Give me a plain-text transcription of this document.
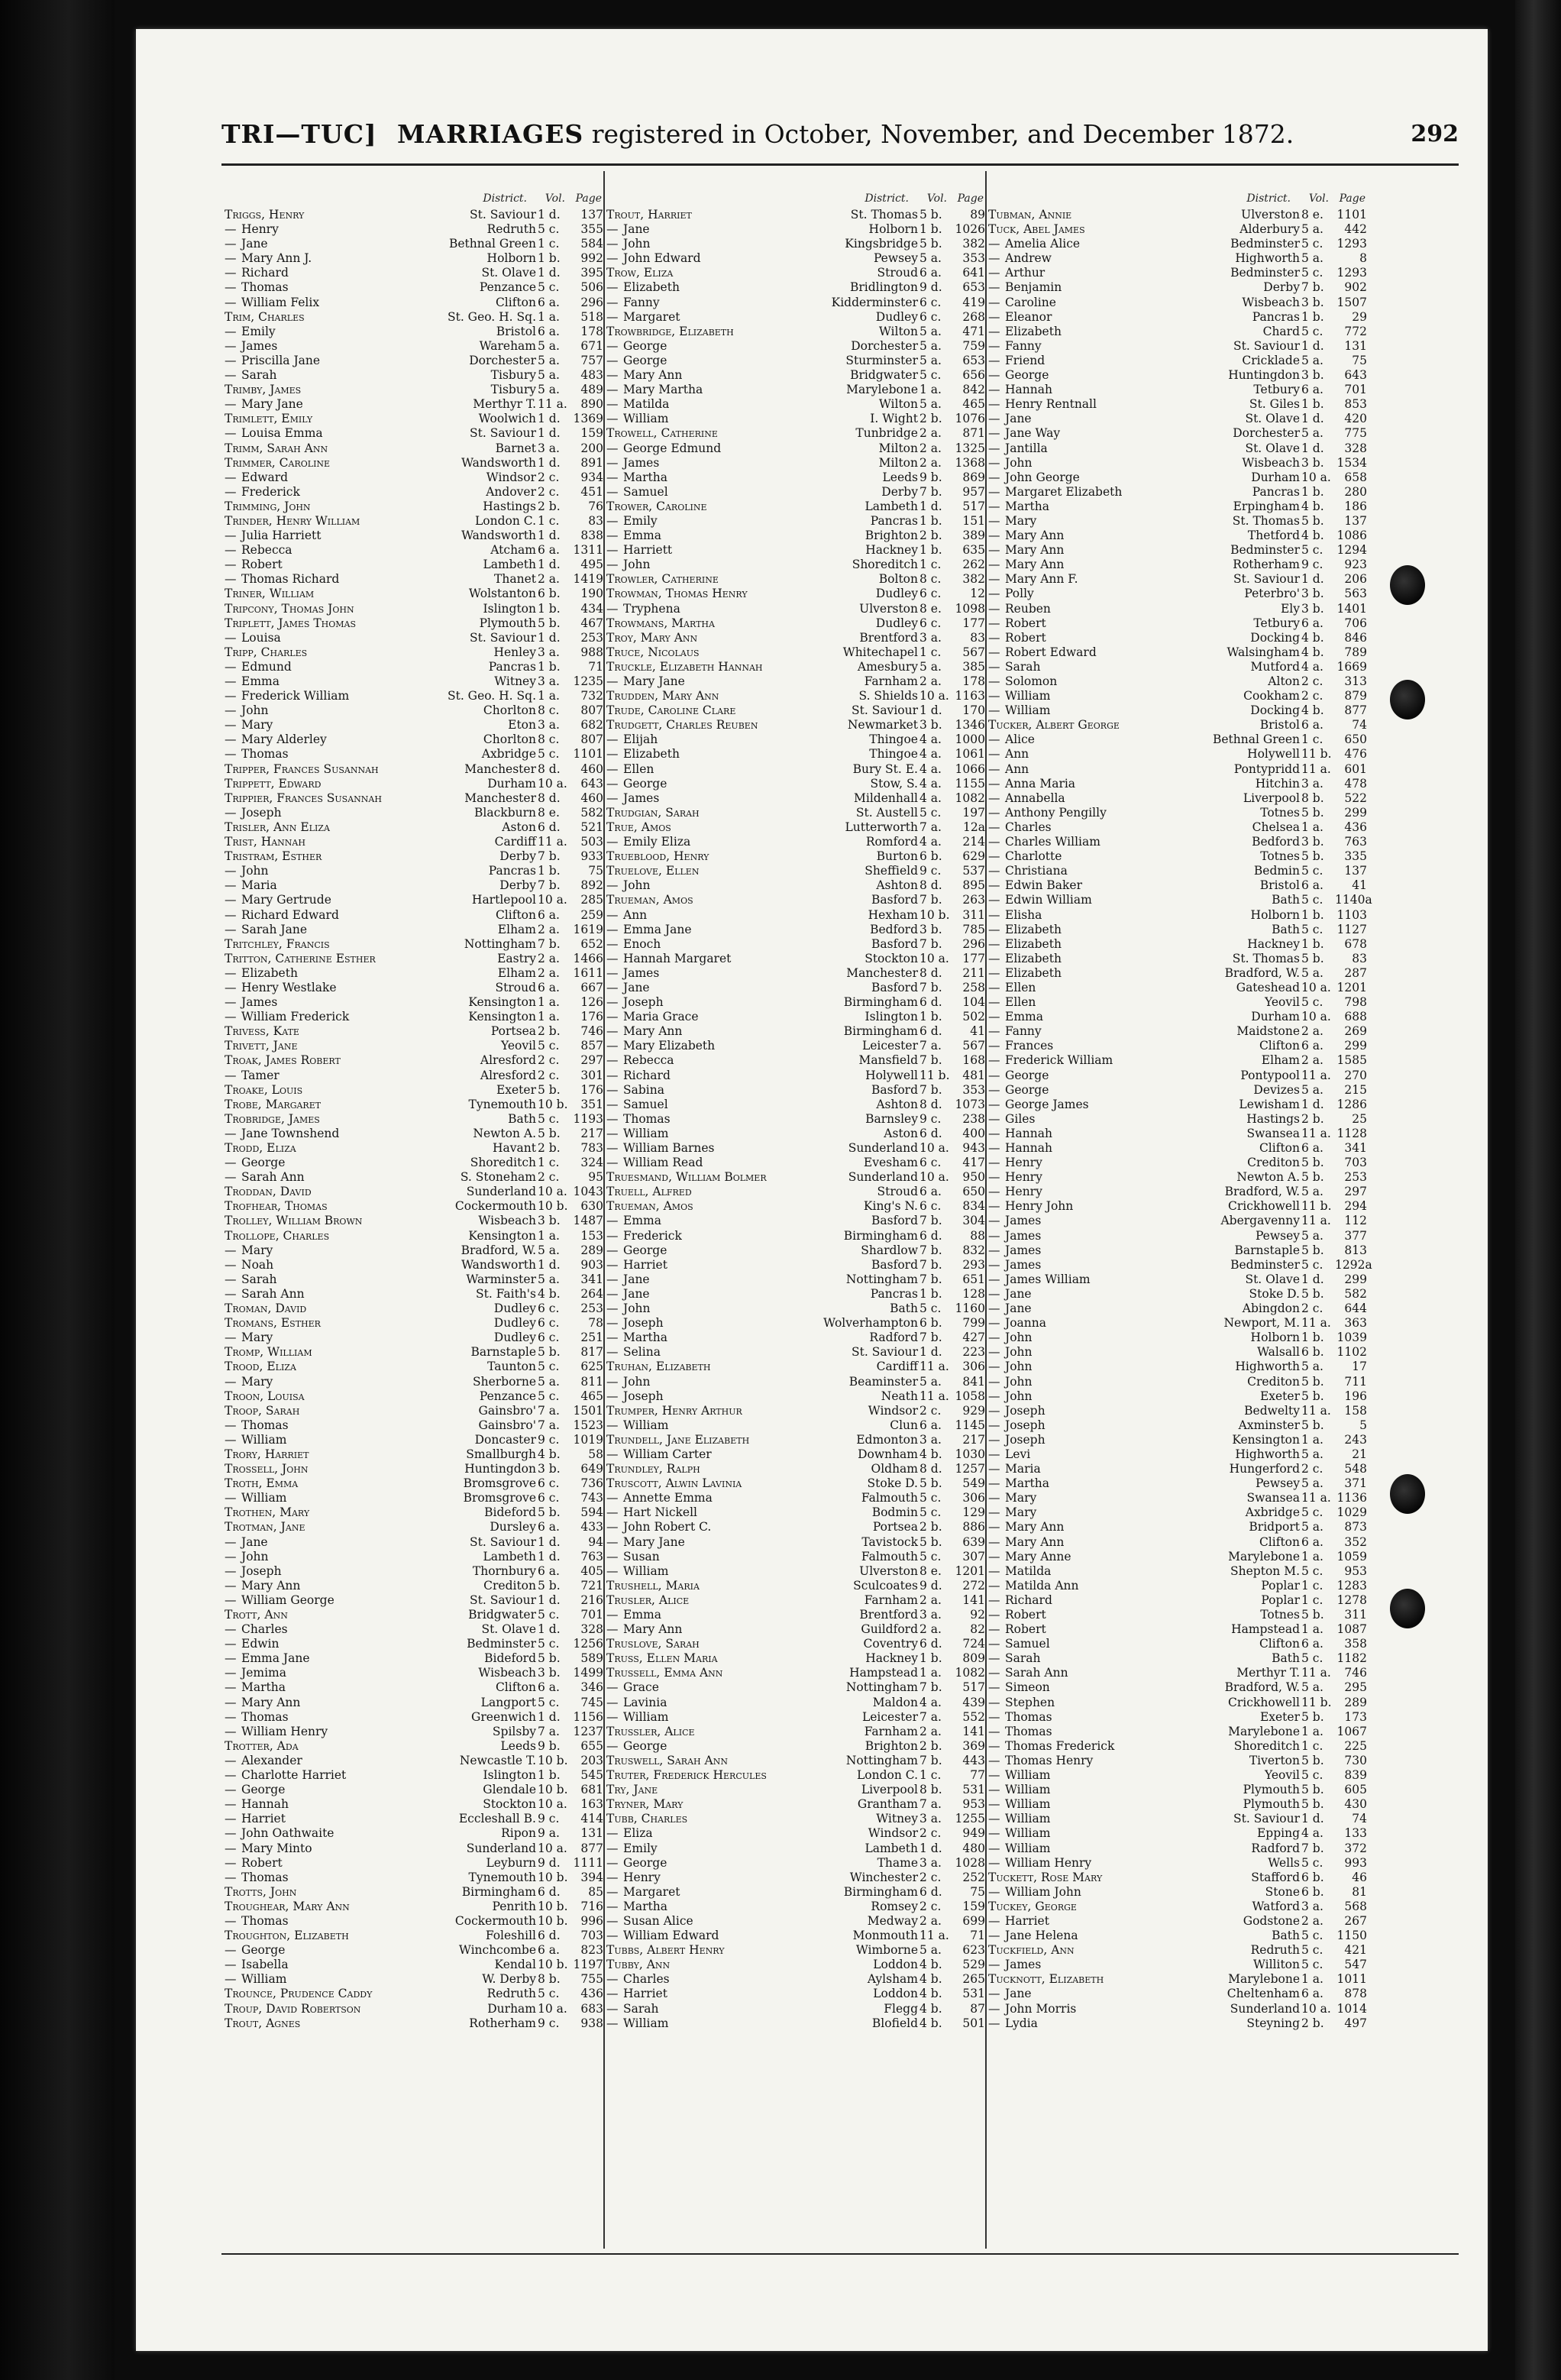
TRI—TUC] MARRIAGES registered in October, November, and December 1872.	292
District. Vol. Page
Triggs, Henry	St. Saviour 1 d.	137
— Henry	Redruth 5 c.	355
— Jane	Bethnal Green 1 c.	584
— Mary Ann J.	Holborn 1 b.	992
— Richard	St. Olave 1 d.	395
— Thomas	Penzance 5 c.	506
— William Felix	Clifton 6 a.	296
Trim, Charles	St. Geo. H. Sq. 1 a.	518
— Emily	Bristol 6 a.	178
— James	Wareham 5 a.	671
— Priscilla Jane	Dorchester 5 a.	757
— Sarah	Tisbury 5 a.	483
Trimby, James	Tisbury 5 a.	489
— Mary Jane	Merthyr T. 11 a.	890
Trimlett, Emily	Woolwich 1 d.	1369
— Louisa Emma	St. Saviour 1 d.	159
Trimm, Sarah Ann	Barnet 3 a.	200
Trimmer, Caroline	Wandsworth 1 d.	891
— Edward	Windsor 2 c.	934
— Frederick	Andover 2 c.	451
Trimming, John	Hastings 2 b.	76
Trinder, Henry William	London C. 1 c.	83
— Julia Harriett	Wandsworth 1 d.	838
— Rebecca	Atcham 6 a.	1311
— Robert	Lambeth 1 d.	495
— Thomas Richard	Thanet 2 a.	1419
Triner, William	Wolstanton 6 b.	190
Tripcony, Thomas John	Islington 1 b.	434
Triplett, James Thomas	Plymouth 5 b.	467
— Louisa	St. Saviour 1 d.	253
Tripp, Charles	Henley 3 a.	988
— Edmund	Pancras 1 b.	71
— Emma	Witney 3 a.	1235
— Frederick William	St. Geo. H. Sq. 1 a.	732
— John	Chorlton 8 c.	807
— Mary	Eton 3 a.	682
— Mary Alderley	Chorlton 8 c.	807
— Thomas	Axbridge 5 c.	1101
Tripper, Frances Susannah	Manchester 8 d.	460
Trippett, Edward	Durham 10 a.	643
Trippier, Frances Susannah	Manchester 8 d.	460
— Joseph	Blackburn 8 e.	582
Trisler, Ann Eliza	Aston 6 d.	521
Trist, Hannah	Cardiff 11 a.	503
Tristram, Esther	Derby 7 b.	933
— John	Pancras 1 b.	75
— Maria	Derby 7 b.	892
— Mary Gertrude	Hartlepool 10 a.	285
— Richard Edward	Clifton 6 a.	259
— Sarah Jane	Elham 2 a.	1619
Tritchley, Francis	Nottingham 7 b.	652
Tritton, Catherine Esther	Eastry 2 a.	1466
— Elizabeth	Elham 2 a.	1611
— Henry Westlake	Stroud 6 a.	667
— James	Kensington 1 a.	126
— William Frederick	Kensington 1 a.	176
Trivess, Kate	Portsea 2 b.	746
Trivett, Jane	Yeovil 5 c.	857
Troak, James Robert	Alresford 2 c.	297
— Tamer	Alresford 2 c.	301
Troake, Louis	Exeter 5 b.	176
Trobe, Margaret	Tynemouth 10 b.	351
Trobridge, James	Bath 5 c.	1193
— Jane Townshend	Newton A. 5 b.	217
Trodd, Eliza	Havant 2 b.	783
— George	Shoreditch 1 c.	324
— Sarah Ann	S. Stoneham 2 c.	95
Troddan, David	Sunderland 10 a. 1043
Trofhear, Thomas	Cockermouth 10 b.	630
Trolley, William Brown	Wisbeach 3 b.	1487
Trollope, Charles	Kensington 1 a.	153
— Mary	Bradford, W. 5 a.	289
— Noah	Wandsworth 1 d.	903
— Sarah	Warminster 5 a.	341
— Sarah Ann	St. Faith's 4 b.	264
Troman, David	Dudley 6 c.	253
Tromans, Esther	Dudley 6 c.	78
— Mary	Dudley 6 c.	251
Tromp, William	Barnstaple 5 b.	817
Trood, Eliza	Taunton 5 c.	625
— Mary	Sherborne 5 a.	811
Troon, Louisa	Penzance 5 c.	465
Troop, Sarah	Gainsbro' 7 a.	1501
— Thomas	Gainsbro' 7 a.	1523
— William	Doncaster 9 c.	1019
Trory, Harriet	Smallburgh 4 b.	58
Trossell, John	Huntingdon 3 b.	649
Troth, Emma	Bromsgrove 6 c.	736
— William	Bromsgrove 6 c.	743
Trothen, Mary	Bideford 5 b.	594
Trotman, Jane	Dursley 6 a.	433
— Jane	St. Saviour 1 d.	94
— John	Lambeth 1 d.	763
— Joseph	Thornbury 6 a.	405
— Mary Ann	Crediton 5 b.	721
— William George	St. Saviour 1 d.	216
Trott, Ann	Bridgwater 5 c.	701
— Charles	St. Olave 1 d.	328
— Edwin	Bedminster 5 c.	1256
— Emma Jane	Bideford 5 b.	589
— Jemima	Wisbeach 3 b.	1499
— Martha	Clifton 6 a.	346
— Mary Ann	Langport 5 c.	745
— Thomas	Greenwich 1 d.	1156
— William Henry	Spilsby 7 a.	1237
Trotter, Ada	Leeds 9 b.	655
— Alexander	Newcastle T. 10 b.	203
— Charlotte Harriet	Islington 1 b.	545
— George	Glendale 10 b.	681
— Hannah	Stockton 10 a.	163
— Harriet	Eccleshall B. 9 c.	414
— John Oathwaite	Ripon 9 a.	131
— Mary Minto	Sunderland 10 a.	877
— Robert	Leyburn 9 d.	1111
— Thomas	Tynemouth 10 b.	394
Trotts, John	Birmingham 6 d.	85
Troughear, Mary Ann	Penrith 10 b.	716
— Thomas	Cockermouth 10 b.	996
Troughton, Elizabeth	Foleshill 6 d.	703
— George	Winchcombe 6 a.	823
— Isabella	Kendal 10 b. 1197
— William	W. Derby 8 b.	755
Trounce, Prudence Caddy	Redruth 5 c.	436
Troup, David Robertson	Durham 10 a.	683
Trout, Agnes	Rotherham 9 c.	938
District. Vol. Page
Trout, Harriet	St. Thomas 5 b.	89
— Jane	Holborn 1 b.	1026
— John	Kingsbridge 5 b.	382
— John Edward	Pewsey 5 a.	353
Trow, Eliza	Stroud 6 a.	641
— Elizabeth	Bridlington 9 d.	653
— Fanny	Kidderminster 6 c.	419
— Margaret	Dudley 6 c.	268
Trowbridge, Elizabeth	Wilton 5 a.	471
— George	Dorchester 5 a.	759
— George	Sturminster 5 a.	653
— Mary Ann	Bridgwater 5 c.	656
— Mary Martha	Marylebone 1 a.	842
— Matilda	Wilton 5 a.	465
— William	I. Wight 2 b.	1076
Trowell, Catherine	Tunbridge 2 a.	871
— George Edmund	Milton 2 a.	1325
— James	Milton 2 a.	1368
— Martha	Leeds 9 b.	869
— Samuel	Derby 7 b.	957
Trower, Caroline	Lambeth 1 d.	517
— Emily	Pancras 1 b.	151
— Emma	Brighton 2 b.	389
— Harriett	Hackney 1 b.	635
— John	Shoreditch 1 c.	262
Trowler, Catherine	Bolton 8 c.	382
Trowman, Thomas Henry	Dudley 6 c.	12
— Tryphena	Ulverston 8 e.	1098
Trowmans, Martha	Dudley 6 c.	177
Troy, Mary Ann	Brentford 3 a.	83
Truce, Nicolaus	Whitechapel 1 c.	567
Truckle, Elizabeth Hannah	Amesbury 5 a.	385
— Mary Jane	Farnham 2 a.	178
Trudden, Mary Ann	S. Shields 10 a. 1163
Trude, Caroline Clare	St. Saviour 1 d.	170
Trudgett, Charles Reuben	Newmarket 3 b.	1346
— Elijah	Thingoe 4 a.	1000
— Elizabeth	Thingoe 4 a.	1061
— Ellen	Bury St. E. 4 a.	1066
— George	Stow, S. 4 a.	1155
— James	Mildenhall 4 a.	1082
Trudgian, Sarah	St. Austell 5 c.	197
True, Amos	Lutterworth 7 a.	12a
— Emily Eliza	Romford 4 a.	214
Trueblood, Henry	Burton 6 b.	629
Truelove, Ellen	Sheffield 9 c.	537
— John	Ashton 8 d.	895
Trueman, Amos	Basford 7 b.	263
— Ann	Hexham 10 b.	311
— Emma Jane	Bedford 3 b.	785
— Enoch	Basford 7 b.	296
— Hannah Margaret	Stockton 10 a.	177
— James	Manchester 8 d.	211
— Jane	Basford 7 b.	258
— Joseph	Birmingham 6 d.	104
— Maria Grace	Islington 1 b.	502
— Mary Ann	Birmingham 6 d.	41
— Mary Elizabeth	Leicester 7 a.	567
— Rebecca	Mansfield 7 b.	168
— Richard	Holywell 11 b.	481
— Sabina	Basford 7 b.	353
— Samuel	Ashton 8 d.	1073
— Thomas	Barnsley 9 c.	238
— William	Aston 6 d.	400
— William Barnes	Sunderland 10 a.	943
— William Read	Evesham 6 c.	417
Truesmand, William Bolmer	Sunderland 10 a.	950
Truell, Alfred	Stroud 6 a.	650
Trueman, Amos	King's N. 6 c.	834
— Emma	Basford 7 b.	304
— Frederick	Birmingham 6 d.	88
— George	Shardlow 7 b.	832
— Harriet	Basford 7 b.	293
— Jane	Nottingham 7 b.	651
— Jane	Pancras 1 b.	128
— John	Bath 5 c.	1160
— Joseph	Wolverhampton 6 b.	799
— Martha	Radford 7 b.	427
— Selina	St. Saviour 1 d.	223
Truhan, Elizabeth	Cardiff 11 a.	306
— John	Beaminster 5 a.	841
— Joseph	Neath 11 a. 1058
Trumper, Henry Arthur	Windsor 2 c.	929
— William	Clun 6 a.	1145
Trundell, Jane Elizabeth	Edmonton 3 a.	217
— William Carter	Downham 4 b.	1030
Trundley, Ralph	Oldham 8 d.	1257
Truscott, Alwin Lavinia	Stoke D. 5 b.	549
— Annette Emma	Falmouth 5 c.	306
— Hart Nickell	Bodmin 5 c.	129
— John Robert C.	Portsea 2 b.	886
— Mary Jane	Tavistock 5 b.	639
— Susan	Falmouth 5 c.	307
— William	Ulverston 8 e.	1201
Trushell, Maria	Sculcoates 9 d.	272
Trusler, Alice	Farnham 2 a.	141
— Emma	Brentford 3 a.	92
— Mary Ann	Guildford 2 a.	82
Truslove, Sarah	Coventry 6 d.	724
Truss, Ellen Maria	Hackney 1 b.	809
Trussell, Emma Ann	Hampstead 1 a.	1082
— Grace	Nottingham 7 b.	517
— Lavinia	Maldon 4 a.	439
— William	Leicester 7 a.	552
Trussler, Alice	Farnham 2 a.	141
— George	Brighton 2 b.	369
Truswell, Sarah Ann	Nottingham 7 b.	443
Truter, Frederick Hercules	London C. 1 c.	77
Try, Jane	Liverpool 8 b.	531
Tryner, Mary	Grantham 7 a.	953
Tubb, Charles	Witney 3 a.	1255
— Eliza	Windsor 2 c.	949
— Emily	Lambeth 1 d.	480
— George	Thame 3 a.	1028
— Henry	Winchester 2 c.	252
— Margaret	Birmingham 6 d.	75
— Martha	Romsey 2 c.	159
— Susan Alice	Medway 2 a.	699
— William Edward	Monmouth 11 a.	71
Tubbs, Albert Henry	Wimborne 5 a.	623
Tubby, Ann	Loddon 4 b.	529
— Charles	Aylsham 4 b.	265
— Harriet	Loddon 4 b.	531
— Sarah	Flegg 4 b.	87
— William	Blofield 4 b.	501
District. Vol. Page
Tubman, Annie	Ulverston 8 e.	1101
Tuck, Abel James	Alderbury 5 a.	442
— Amelia Alice	Bedminster 5 c.	1293
— Andrew	Highworth 5 a.	8
— Arthur	Bedminster 5 c.	1293
— Benjamin	Derby 7 b.	902
— Caroline	Wisbeach 3 b.	1507
— Eleanor	Pancras 1 b.	29
— Elizabeth	Chard 5 c.	772
— Fanny	St. Saviour 1 d.	131
— Friend	Cricklade 5 a.	75
— George	Huntingdon 3 b.	643
— Hannah	Tetbury 6 a.	701
— Henry Rentnall	St. Giles 1 b.	853
— Jane	St. Olave 1 d.	420
— Jane Way	Dorchester 5 a.	775
— Jantilla	St. Olave 1 d.	328
— John	Wisbeach 3 b.	1534
— John George	Durham 10 a.	658
— Margaret Elizabeth	Pancras 1 b.	280
— Martha	Erpingham 4 b.	186
— Mary	St. Thomas 5 b.	137
— Mary Ann	Thetford 4 b.	1086
— Mary Ann	Bedminster 5 c.	1294
— Mary Ann	Rotherham 9 c.	923
— Mary Ann F.	St. Saviour 1 d.	206
— Polly	Peterbro' 3 b.	563
— Reuben	Ely 3 b.	1401
— Robert	Tetbury 6 a.	706
— Robert	Docking 4 b.	846
— Robert Edward	Walsingham 4 b.	789
— Sarah	Mutford 4 a.	1669
— Solomon	Alton 2 c.	313
— William	Cookham 2 c.	879
— William	Docking 4 b.	877
Tucker, Albert George	Bristol 6 a.	74
— Alice	Bethnal Green 1 c.	650
— Ann	Holywell 11 b.	476
— Ann	Pontypridd 11 a.	601
— Anna Maria	Hitchin 3 a.	478
— Annabella	Liverpool 8 b.	522
— Anthony Pengilly	Totnes 5 b.	299
— Charles	Chelsea 1 a.	436
— Charles William	Bedford 3 b.	763
— Charlotte	Totnes 5 b.	335
— Christiana	Bedmin 5 c.	137
— Edwin Baker	Bristol 6 a.	41
— Edwin William	Bath 5 c.	1140a
— Elisha	Holborn 1 b.	1103
— Elizabeth	Bath 5 c.	1127
— Elizabeth	Hackney 1 b.	678
— Elizabeth	St. Thomas 5 b.	83
— Elizabeth	Bradford, W. 5 a.	287
— Ellen	Gateshead 10 a. 1201
— Ellen	Yeovil 5 c.	798
— Emma	Durham 10 a.	688
— Fanny	Maidstone 2 a.	269
— Frances	Clifton 6 a.	299
— Frederick William	Elham 2 a.	1585
— George	Pontypool 11 a.	270
— George	Devizes 5 a.	215
— George James	Lewisham 1 d.	1286
— Giles	Hastings 2 b.	25
— Hannah	Swansea 11 a. 1128
— Hannah	Clifton 6 a.	341
— Henry	Crediton 5 b.	703
— Henry	Newton A. 5 b.	253
— Henry	Bradford, W. 5 a.	297
— Henry John	Crickhowell 11 b.	294
— James	Abergavenny 11 a.	112
— James	Pewsey 5 a.	377
— James	Barnstaple 5 b.	813
— James	Bedminster 5 c.	1292a
— James William	St. Olave 1 d.	299
— Jane	Stoke D. 5 b.	582
— Jane	Abingdon 2 c.	644
— Joanna	Newport, M. 11 a.	363
— John	Holborn 1 b.	1039
— John	Walsall 6 b.	1102
— John	Highworth 5 a.	17
— John	Crediton 5 b.	711
— John	Exeter 5 b.	196
— Joseph	Bedwelty 11 a.	158
— Joseph	Axminster 5 b.	5
— Joseph	Kensington 1 a.	243
— Levi	Highworth 5 a.	21
— Maria	Hungerford 2 c.	548
— Martha	Pewsey 5 a.	371
— Mary	Swansea 11 a. 1136
— Mary	Axbridge 5 c.	1029
— Mary Ann	Bridport 5 a.	873
— Mary Ann	Clifton 6 a.	352
— Mary Anne	Marylebone 1 a.	1059
— Matilda	Shepton M. 5 c.	953
— Matilda Ann	Poplar 1 c.	1283
— Richard	Poplar 1 c.	1278
— Robert	Totnes 5 b.	311
— Robert	Hampstead 1 a.	1087
— Samuel	Clifton 6 a.	358
— Sarah	Bath 5 c.	1182
— Sarah Ann	Merthyr T. 11 a.	746
— Simeon	Bradford, W. 5 a.	295
— Stephen	Crickhowell 11 b.	289
— Thomas	Exeter 5 b.	173
— Thomas	Marylebone 1 a.	1067
— Thomas Frederick	Shoreditch 1 c.	225
— Thomas Henry	Tiverton 5 b.	730
— William	Yeovil 5 c.	839
— William	Plymouth 5 b.	605
— William	Plymouth 5 b.	430
— William	St. Saviour 1 d.	74
— William	Epping 4 a.	133
— William	Radford 7 b.	372
— William Henry	Wells 5 c.	993
Tuckett, Rose Mary	Stafford 6 b.	46
— William John	Stone 6 b.	81
Tuckey, George	Watford 3 a.	568
— Harriet	Godstone 2 a.	267
— Jane Helena	Bath 5 c.	1150
Tuckfield, Ann	Redruth 5 c.	421
— James	Williton 5 c.	547
Tucknott, Elizabeth	Marylebone 1 a.	1011
— Jane	Cheltenham 6 a.	878
— John Morris	Sunderland 10 a. 1014
— Lydia	Steyning 2 b.	497
